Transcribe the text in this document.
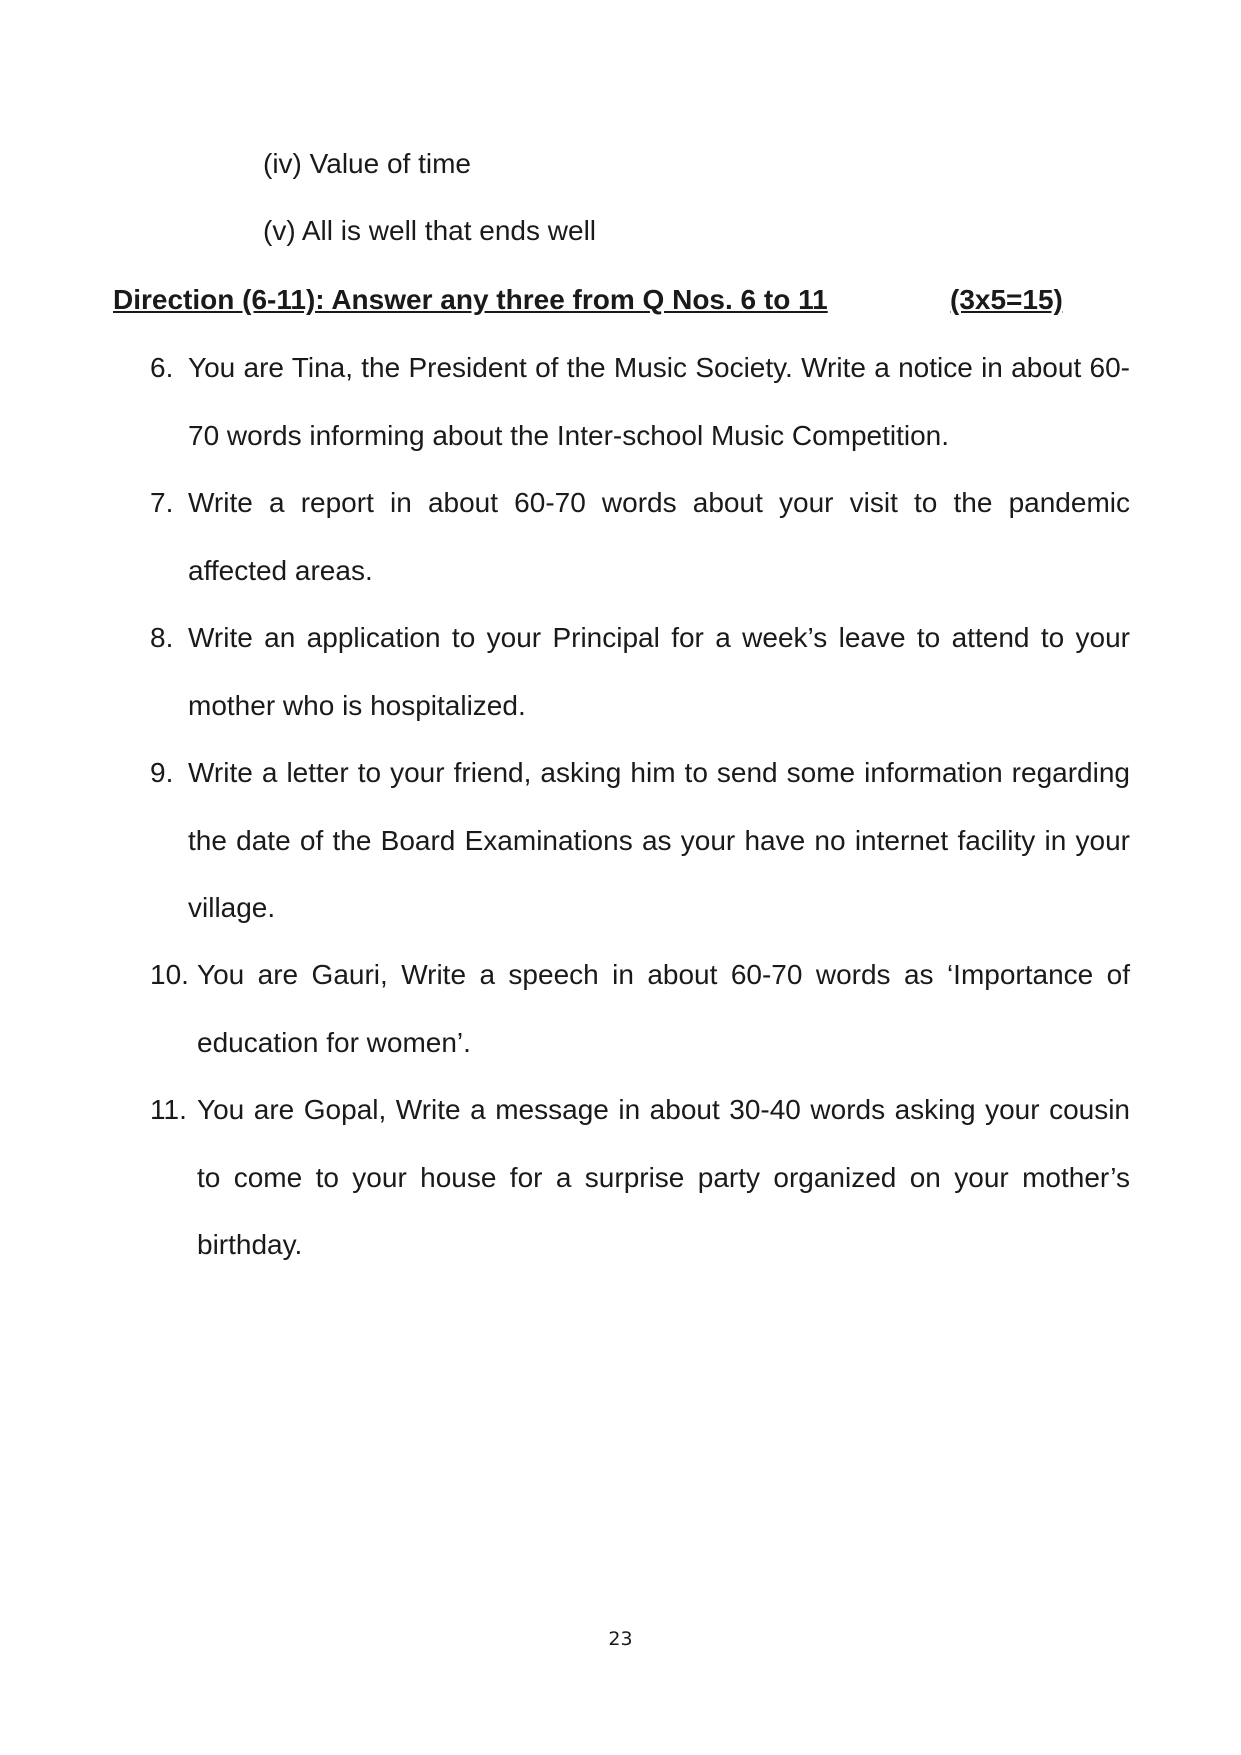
(iv) Value of time
(v) All is well that ends well
Direction (6-11): Answer any three from Q Nos. 6 to 11	(3x5=15)
6. You are Tina, the President of the Music Society. Write a notice in about 60-70 words informing about the Inter-school Music Competition.

7. Write a report in about 60-70 words about your visit to the pandemic affected areas.

8. Write an application to your Principal for a week’s leave to attend to your mother who is hospitalized.

9. Write a letter to your friend, asking him to send some information regarding the date of the Board Examinations as your have no internet facility in your village.

10. You are Gauri, Write a speech in about 60-70 words as ‘Importance of education for women’.

11. You are Gopal, Write a message in about 30-40 words asking your cousin to come to your house for a surprise party organized on your mother’s birthday.

23
